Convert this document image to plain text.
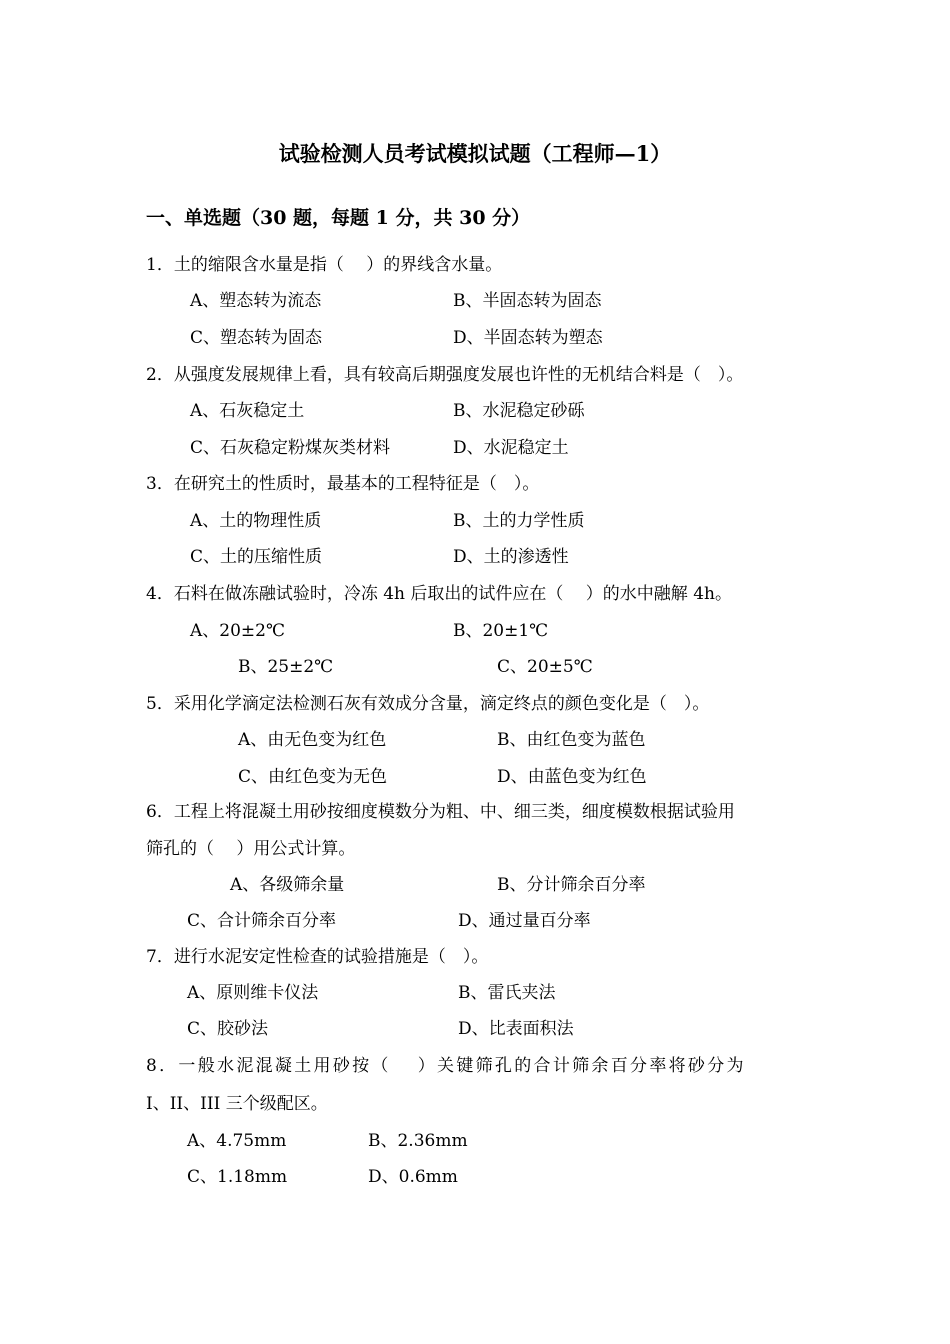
试验检测人员考试模拟试题（工程师—1）
一、单选题（30 题，每题 1 分，共 30 分）
1．土的缩限含水量是指（　 ）的界线含水量。
A、塑态转为流态	B、半固态转为固态
C、塑态转为固态	D、半固态转为塑态
2．从强度发展规律上看，具有较高后期强度发展也许性的无机结合料是（　）。
A、石灰稳定土	B、水泥稳定砂砾
C、石灰稳定粉煤灰类材料	D、水泥稳定土
3．在研究土的性质时，最基本的工程特征是（　）。
A、土的物理性质	B、土的力学性质
C、土的压缩性质	D、土的渗透性
4．石料在做冻融试验时，冷冻 4h 后取出的试件应在（　 ）的水中融解 4h。
A、20±2℃	B、20±1℃
B、25±2℃	C、20±5℃
5．采用化学滴定法检测石灰有效成分含量，滴定终点的颜色变化是（　）。
A、由无色变为红色	B、由红色变为蓝色
C、由红色变为无色	D、由蓝色变为红色
6．工程上将混凝土用砂按细度模数分为粗、中、细三类，细度模数根据试验用
筛孔的（　 ）用公式计算。
A、各级筛余量	B、分计筛余百分率
C、合计筛余百分率	D、通过量百分率
7．进行水泥安定性检查的试验措施是（　）。
A、原则维卡仪法	B、雷氏夹法
C、胶砂法	D、比表面积法
8．一般水泥混凝土用砂按（　 ）关键筛孔的合计筛余百分率将砂分为
I、II、III 三个级配区。
A、4.75mm	B、2.36mm
C、1.18mm	D、0.6mm
